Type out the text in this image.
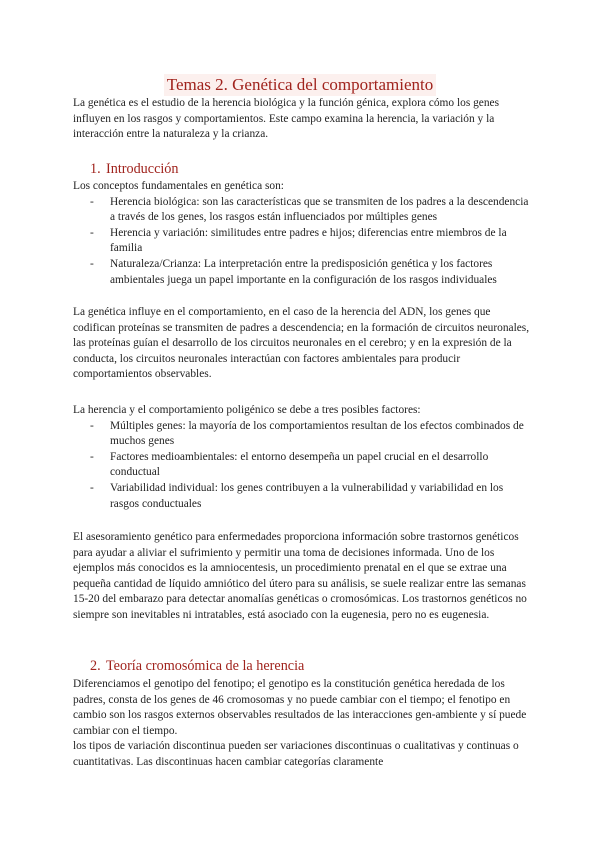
Temas 2. Genética del comportamiento

La genética es el estudio de la herencia biológica y la función génica, explora cómo los genes influyen en los rasgos y comportamientos. Este campo examina la herencia, la variación y la interacción entre la naturaleza y la crianza.

1. Introducción

Los conceptos fundamentales en genética son:

- Herencia biológica: son las características que se transmiten de los padres a la descendencia a través de los genes, los rasgos están influenciados por múltiples genes
- Herencia y variación: similitudes entre padres e hijos; diferencias entre miembros de la familia
- Naturaleza/Crianza: La interpretación entre la predisposición genética y los factores ambientales juega un papel importante en la configuración de los rasgos individuales

La genética influye en el comportamiento, en el caso de la herencia del ADN, los genes que codifican proteínas se transmiten de padres a descendencia; en la formación de circuitos neuronales, las proteínas guían el desarrollo de los circuitos neuronales en el cerebro; y en la expresión de la conducta, los circuitos neuronales interactúan con factores ambientales para producir comportamientos observables.

La herencia y el comportamiento poligénico se debe a tres posibles factores:

- Múltiples genes: la mayoría de los comportamientos resultan de los efectos combinados de muchos genes
- Factores medioambientales: el entorno desempeña un papel crucial en el desarrollo conductual
- Variabilidad individual: los genes contribuyen a la vulnerabilidad y variabilidad en los rasgos conductuales

El asesoramiento genético para enfermedades proporciona información sobre trastornos genéticos para ayudar a aliviar el sufrimiento y permitir una toma de decisiones informada. Uno de los ejemplos más conocidos es la amniocentesis, un procedimiento prenatal en el que se extrae una pequeña cantidad de líquido amniótico del útero para su análisis, se suele realizar entre las semanas 15-20 del embarazo para detectar anomalías genéticas o cromosómicas. Los trastornos genéticos no siempre son inevitables ni intratables, está asociado con la eugenesia, pero no es eugenesia.

2. Teoría cromosómica de la herencia

Diferenciamos el genotipo del fenotipo; el genotipo es la constitución genética heredada de los padres, consta de los genes de 46 cromosomas y no puede cambiar con el tiempo; el fenotipo en cambio son los rasgos externos observables resultados de las interacciones gen-ambiente y sí puede cambiar con el tiempo.

los tipos de variación discontinua pueden ser variaciones discontinuas o cualitativas y continuas o cuantitativas. Las discontinuas hacen cambiar categorías claramente
